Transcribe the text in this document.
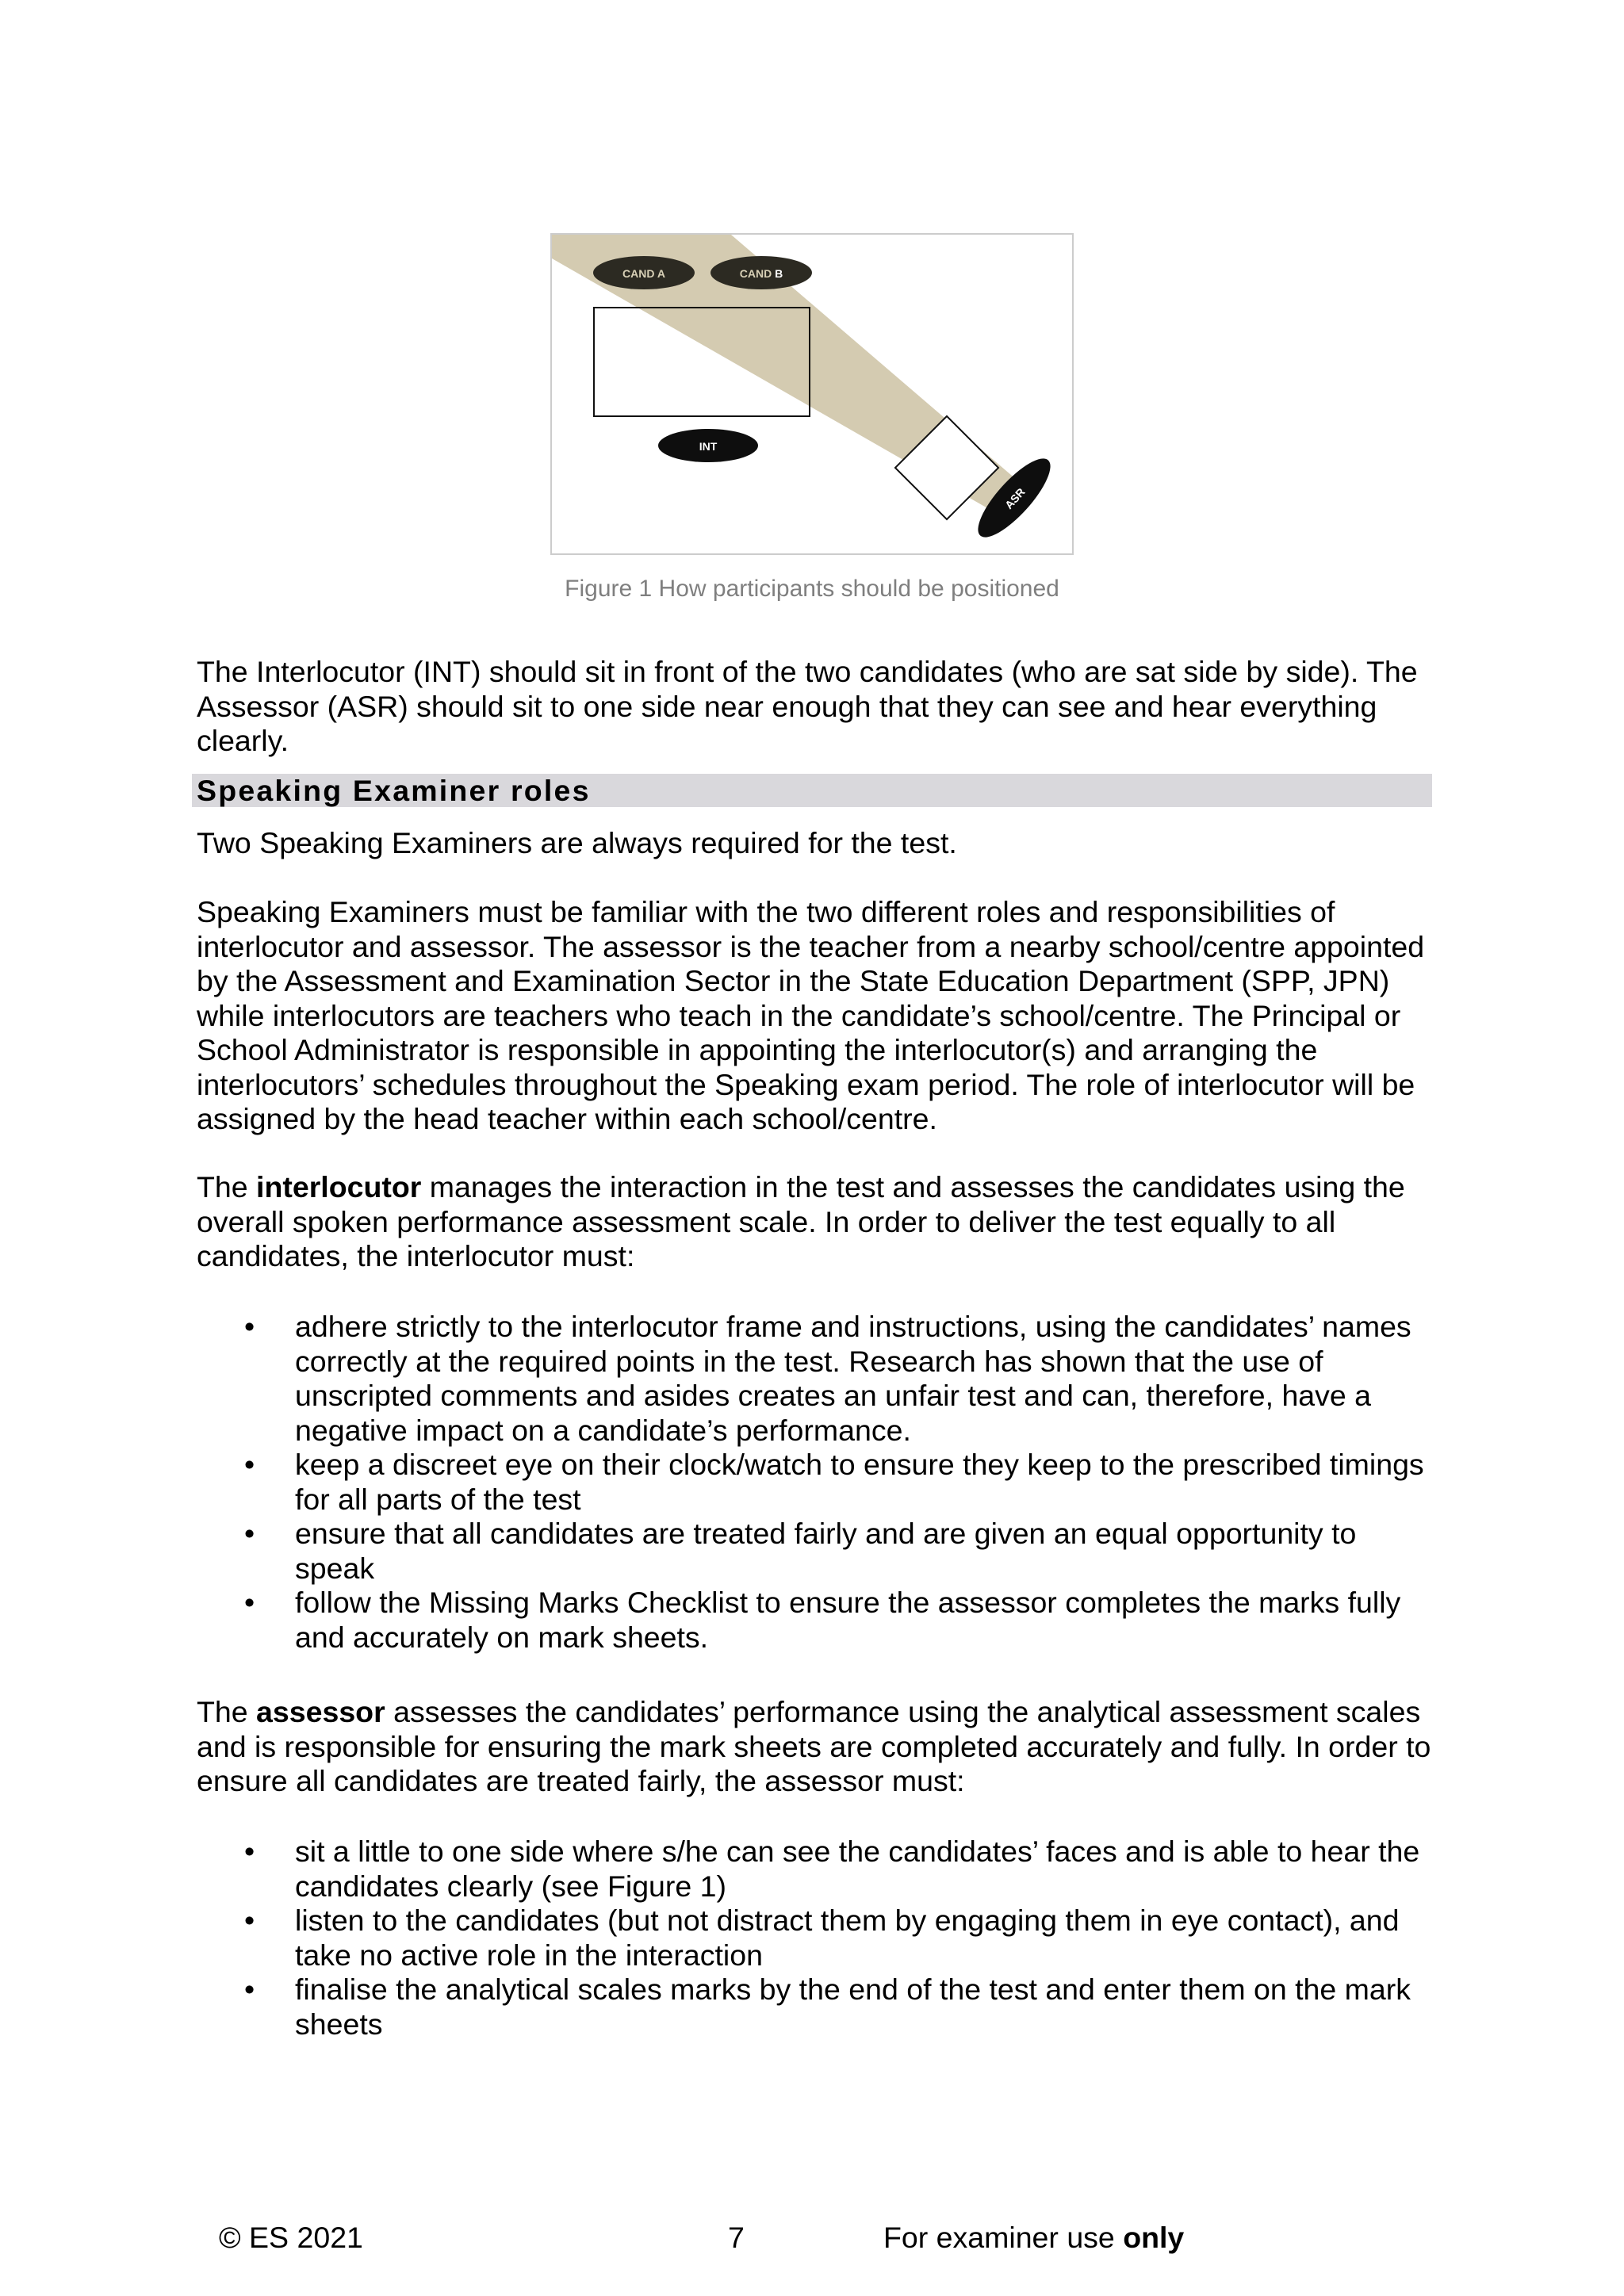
CAND A	CAND B
INT
ASR
Figure 1 How participants should be positioned

The Interlocutor (INT) should sit in front of the two candidates (who are sat side by side). The Assessor (ASR) should sit to one side near enough that they can see and hear everything clearly.

Speaking Examiner roles

Two Speaking Examiners are always required for the test.

Speaking Examiners must be familiar with the two different roles and responsibilities of interlocutor and assessor. The assessor is the teacher from a nearby school/centre appointed by the Assessment and Examination Sector in the State Education Department (SPP, JPN) while interlocutors are teachers who teach in the candidate’s school/centre. The Principal or School Administrator is responsible in appointing the interlocutor(s) and arranging the interlocutors’ schedules throughout the Speaking exam period. The role of interlocutor will be assigned by the head teacher within each school/centre.

The interlocutor manages the interaction in the test and assesses the candidates using the overall spoken performance assessment scale. In order to deliver the test equally to all candidates, the interlocutor must:

• adhere strictly to the interlocutor frame and instructions, using the candidates’ names correctly at the required points in the test. Research has shown that the use of unscripted comments and asides creates an unfair test and can, therefore, have a negative impact on a candidate’s performance.
• keep a discreet eye on their clock/watch to ensure they keep to the prescribed timings for all parts of the test
• ensure that all candidates are treated fairly and are given an equal opportunity to speak
• follow the Missing Marks Checklist to ensure the assessor completes the marks fully and accurately on mark sheets.

The assessor assesses the candidates’ performance using the analytical assessment scales and is responsible for ensuring the mark sheets are completed accurately and fully. In order to ensure all candidates are treated fairly, the assessor must:

• sit a little to one side where s/he can see the candidates’ faces and is able to hear the candidates clearly (see Figure 1)
• listen to the candidates (but not distract them by engaging them in eye contact), and take no active role in the interaction
• finalise the analytical scales marks by the end of the test and enter them on the mark sheets
© ES 2021	7	For examiner use only
